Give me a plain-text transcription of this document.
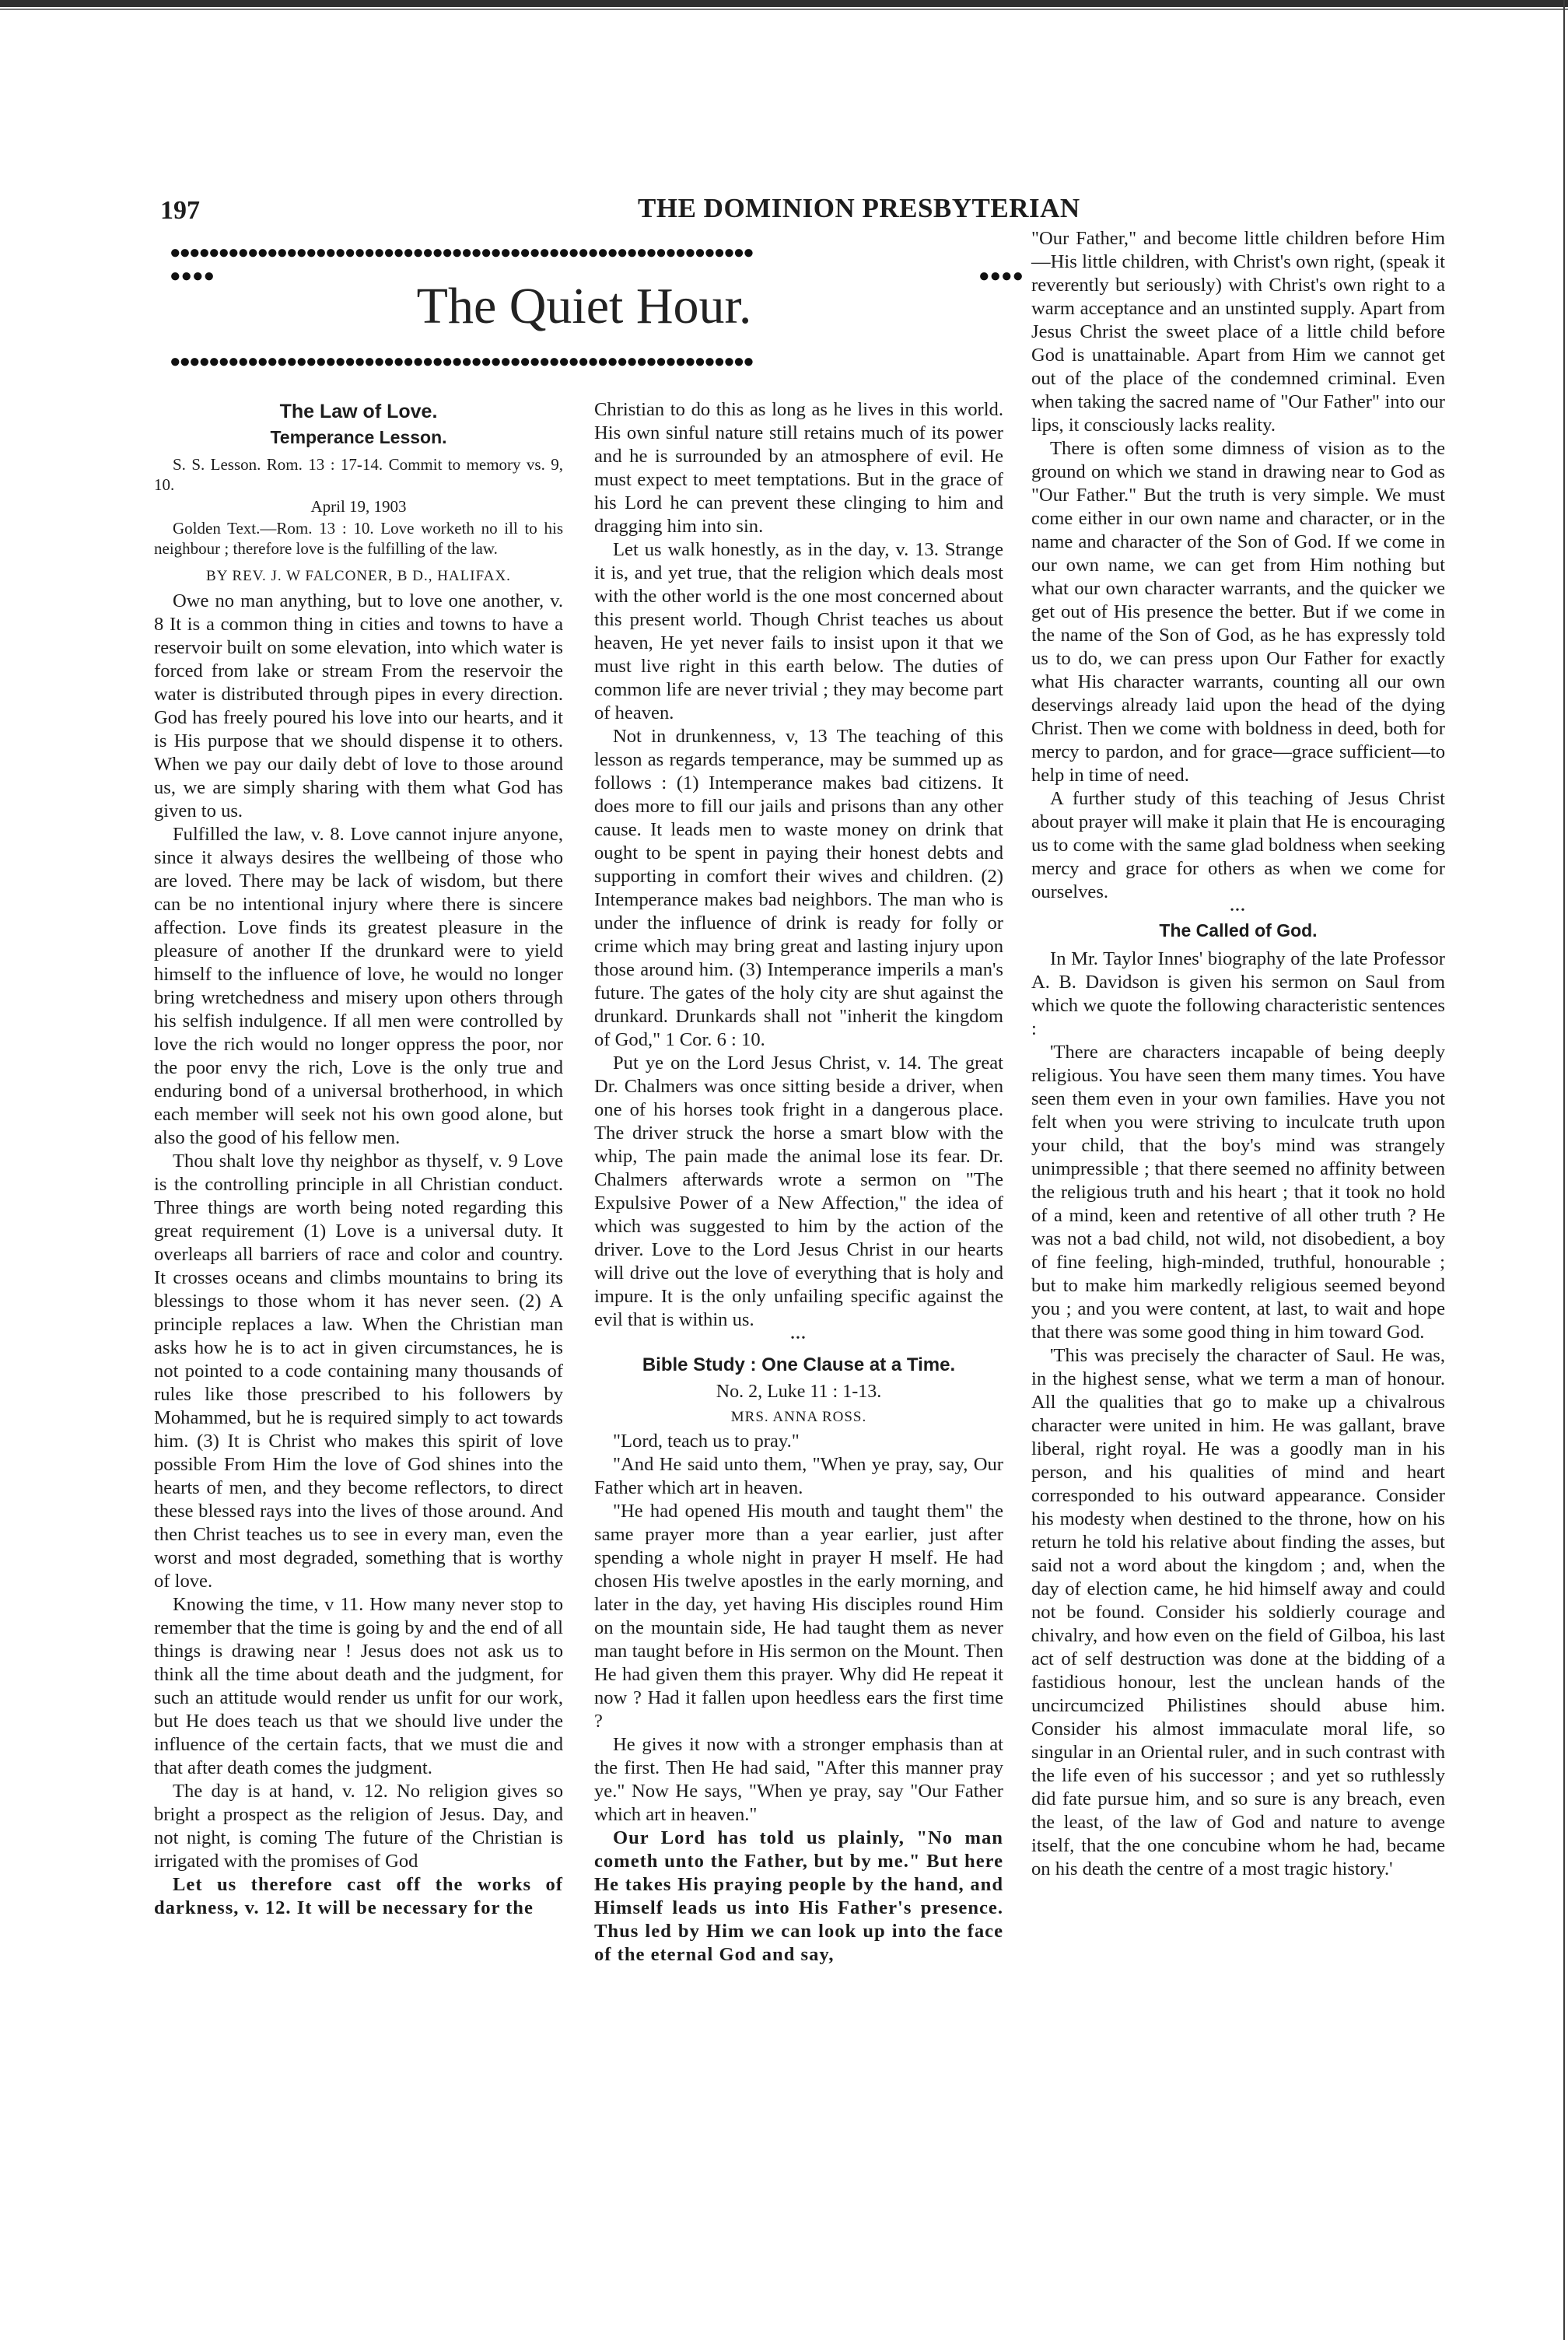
197	THE DOMINION PRESBYTERIAN
●●●●●●●●●●●●●●●●●●●●●●●●●●●●●●●●●●●●●●●●●●●●●●●●●●●●●●●●●●●●
●●●●	●●●●
The Quiet Hour.
●●●●●●●●●●●●●●●●●●●●●●●●●●●●●●●●●●●●●●●●●●●●●●●●●●●●●●●●●●●●
The Law of Love.
Temperance Lesson.

S. S. Lesson. Rom. 13 : 17-14. Commit to memory vs. 9, 10.

April 19, 1903

Golden Text.—Rom. 13 : 10. Love worketh no ill to his neighbour ; therefore love is the fulfilling of the law.

BY REV. J. W FALCONER, B D., HALIFAX.

Owe no man anything, but to love one another, v. 8 It is a common thing in cities and towns to have a reservoir built on some elevation, into which water is forced from lake or stream From the reservoir the water is distributed through pipes in every direction. God has freely poured his love into our hearts, and it is His purpose that we should dispense it to others. When we pay our daily debt of love to those around us, we are simply sharing with them what God has given to us.

Fulfilled the law, v. 8. Love cannot injure anyone, since it always desires the wellbeing of those who are loved. There may be lack of wisdom, but there can be no intentional injury where there is sincere affection. Love finds its greatest pleasure in the pleasure of another If the drunkard were to yield himself to the influence of love, he would no longer bring wretchedness and misery upon others through his selfish indulgence. If all men were controlled by love the rich would no longer oppress the poor, nor the poor envy the rich, Love is the only true and enduring bond of a universal brotherhood, in which each member will seek not his own good alone, but also the good of his fellow men.

Thou shalt love thy neighbor as thyself, v. 9 Love is the controlling principle in all Christian conduct. Three things are worth being noted regarding this great requirement (1) Love is a universal duty. It overleaps all barriers of race and color and country. It crosses oceans and climbs mountains to bring its blessings to those whom it has never seen. (2) A principle replaces a law. When the Christian man asks how he is to act in given circumstances, he is not pointed to a code containing many thousands of rules like those prescribed to his followers by Mohammed, but he is required simply to act towards him. (3) It is Christ who makes this spirit of love possible From Him the love of God shines into the hearts of men, and they become reflectors, to direct these blessed rays into the lives of those around. And then Christ teaches us to see in every man, even the worst and most degraded, something that is worthy of love.

Knowing the time, v 11. How many never stop to remember that the time is going by and the end of all things is drawing near ! Jesus does not ask us to think all the time about death and the judgment, for such an attitude would render us unfit for our work, but He does teach us that we should live under the influence of the certain facts, that we must die and that after death comes the judgment.

The day is at hand, v. 12. No religion gives so bright a prospect as the religion of Jesus. Day, and not night, is coming The future of the Christian is irrigated with the promises of God

Let us therefore cast off the works of darkness, v. 12. It will be necessary for the

Christian to do this as long as he lives in this world. His own sinful nature still retains much of its power and he is surrounded by an atmosphere of evil. He must expect to meet temptations. But in the grace of his Lord he can prevent these clinging to him and dragging him into sin.

Let us walk honestly, as in the day, v. 13. Strange it is, and yet true, that the religion which deals most with the other world is the one most concerned about this present world. Though Christ teaches us about heaven, He yet never fails to insist upon it that we must live right in this earth below. The duties of common life are never trivial ; they may become part of heaven.

Not in drunkenness, v, 13 The teaching of this lesson as regards temperance, may be summed up as follows : (1) Intemperance makes bad citizens. It does more to fill our jails and prisons than any other cause. It leads men to waste money on drink that ought to be spent in paying their honest debts and supporting in comfort their wives and children. (2) Intemperance makes bad neighbors. The man who is under the influence of drink is ready for folly or crime which may bring great and lasting injury upon those around him. (3) Intemperance imperils a man's future. The gates of the holy city are shut against the drunkard. Drunkards shall not "inherit the kingdom of God," 1 Cor. 6 : 10.

Put ye on the Lord Jesus Christ, v. 14. The great Dr. Chalmers was once sitting beside a driver, when one of his horses took fright in a dangerous place. The driver struck the horse a smart blow with the whip, The pain made the animal lose its fear. Dr. Chalmers afterwards wrote a sermon on "The Expulsive Power of a New Affection," the idea of which was suggested to him by the action of the driver. Love to the Lord Jesus Christ in our hearts will drive out the love of everything that is holy and impure. It is the only unfailing specific against the evil that is within us.

•••
Bible Study : One Clause at a Time.
No. 2, Luke 11 : 1-13.
MRS. ANNA ROSS.

"Lord, teach us to pray."

"And He said unto them, "When ye pray, say, Our Father which art in heaven.

"He had opened His mouth and taught them" the same prayer more than a year earlier, just after spending a whole night in prayer H mself. He had chosen His twelve apostles in the early morning, and later in the day, yet having His disciples round Him on the mountain side, He had taught them as never man taught before in His sermon on the Mount. Then He had given them this prayer. Why did He repeat it now ? Had it fallen upon heedless ears the first time ?

He gives it now with a stronger emphasis than at the first. Then He had said, "After this manner pray ye." Now He says, "When ye pray, say "Our Father which art in heaven."

Our Lord has told us plainly, "No man cometh unto the Father, but by me." But here He takes His praying people by the hand, and Himself leads us into His Father's presence. Thus led by Him we can look up into the face of the eternal God and say,

"Our Father," and become little children before Him—His little children, with Christ's own right, (speak it reverently but seriously) with Christ's own right to a warm acceptance and an unstinted supply. Apart from Jesus Christ the sweet place of a little child before God is unattainable. Apart from Him we cannot get out of the place of the condemned criminal. Even when taking the sacred name of "Our Father" into our lips, it consciously lacks reality.

There is often some dimness of vision as to the ground on which we stand in drawing near to God as "Our Father." But the truth is very simple. We must come either in our own name and character, or in the name and character of the Son of God. If we come in our own name, we can get from Him nothing but what our own character warrants, and the quicker we get out of His presence the better. But if we come in the name of the Son of God, as he has expressly told us to do, we can press upon Our Father for exactly what His character warrants, counting all our own deservings already laid upon the head of the dying Christ. Then we come with boldness in deed, both for mercy to pardon, and for grace—grace sufficient—to help in time of need.

A further study of this teaching of Jesus Christ about prayer will make it plain that He is encouraging us to come with the same glad boldness when seeking mercy and grace for others as when we come for ourselves.

•••
The Called of God.

In Mr. Taylor Innes' biography of the late Professor A. B. Davidson is given his sermon on Saul from which we quote the following characteristic sentences :

'There are characters incapable of being deeply religious. You have seen them many times. You have seen them even in your own families. Have you not felt when you were striving to inculcate truth upon your child, that the boy's mind was strangely unimpressible ; that there seemed no affinity between the religious truth and his heart ; that it took no hold of a mind, keen and retentive of all other truth ? He was not a bad child, not wild, not disobedient, a boy of fine feeling, high-minded, truthful, honourable ; but to make him markedly religious seemed beyond you ; and you were content, at last, to wait and hope that there was some good thing in him toward God.

'This was precisely the character of Saul. He was, in the highest sense, what we term a man of honour. All the qualities that go to make up a chivalrous character were united in him. He was gallant, brave liberal, right royal. He was a goodly man in his person, and his qualities of mind and heart corresponded to his outward appearance. Consider his modesty when destined to the throne, how on his return he told his relative about finding the asses, but said not a word about the kingdom ; and, when the day of election came, he hid himself away and could not be found. Consider his soldierly courage and chivalry, and how even on the field of Gilboa, his last act of self destruction was done at the bidding of a fastidious honour, lest the unclean hands of the uncircumcized Philistines should abuse him. Consider his almost immaculate moral life, so singular in an Oriental ruler, and in such contrast with the life even of his successor ; and yet so ruthlessly did fate pursue him, and so sure is any breach, even the least, of the law of God and nature to avenge itself, that the one concubine whom he had, became on his death the centre of a most tragic history.'
